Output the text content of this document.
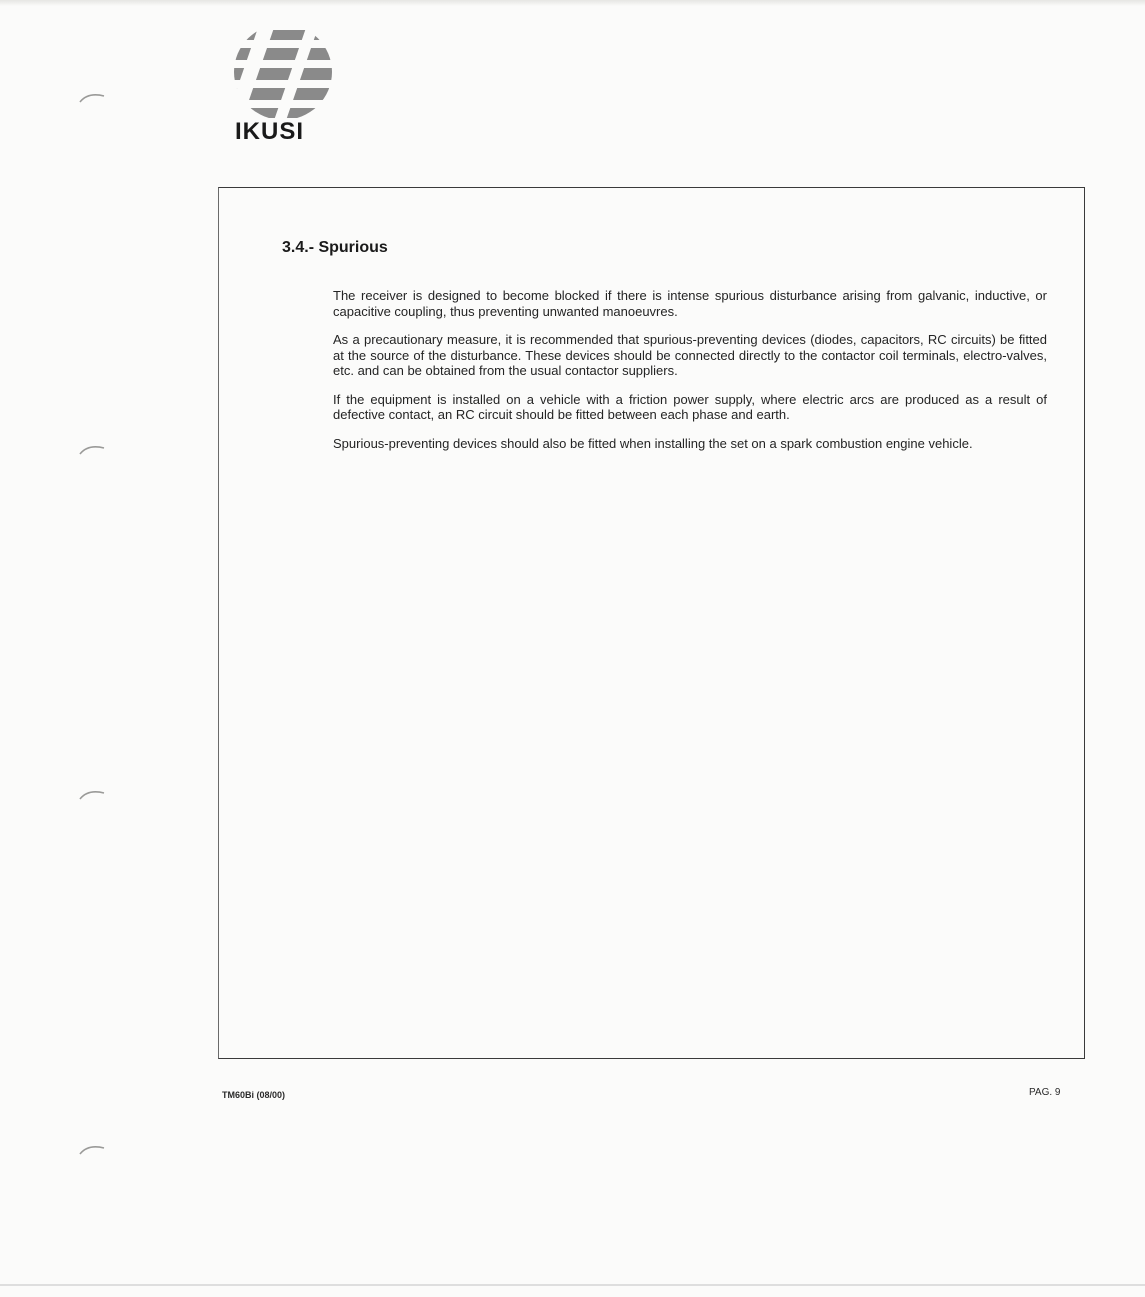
IKUSI
3.4.- Spurious

The receiver is designed to become blocked if there is intense spurious disturbance arising from galvanic, inductive, or capacitive coupling, thus preventing unwanted manoeuvres.

As a precautionary measure, it is recommended that spurious-preventing devices (diodes, capacitors, RC circuits) be fitted at the source of the disturbance. These devices should be connected directly to the contactor coil terminals, electro-valves, etc. and can be obtained from the usual contactor suppliers.

If the equipment is installed on a vehicle with a friction power supply, where electric arcs are produced as a result of defective contact, an RC circuit should be fitted between each phase and earth.

Spurious-preventing devices should also be fitted when installing the set on a spark combustion engine vehicle.

TM60Bi (08/00)	PAG. 9
